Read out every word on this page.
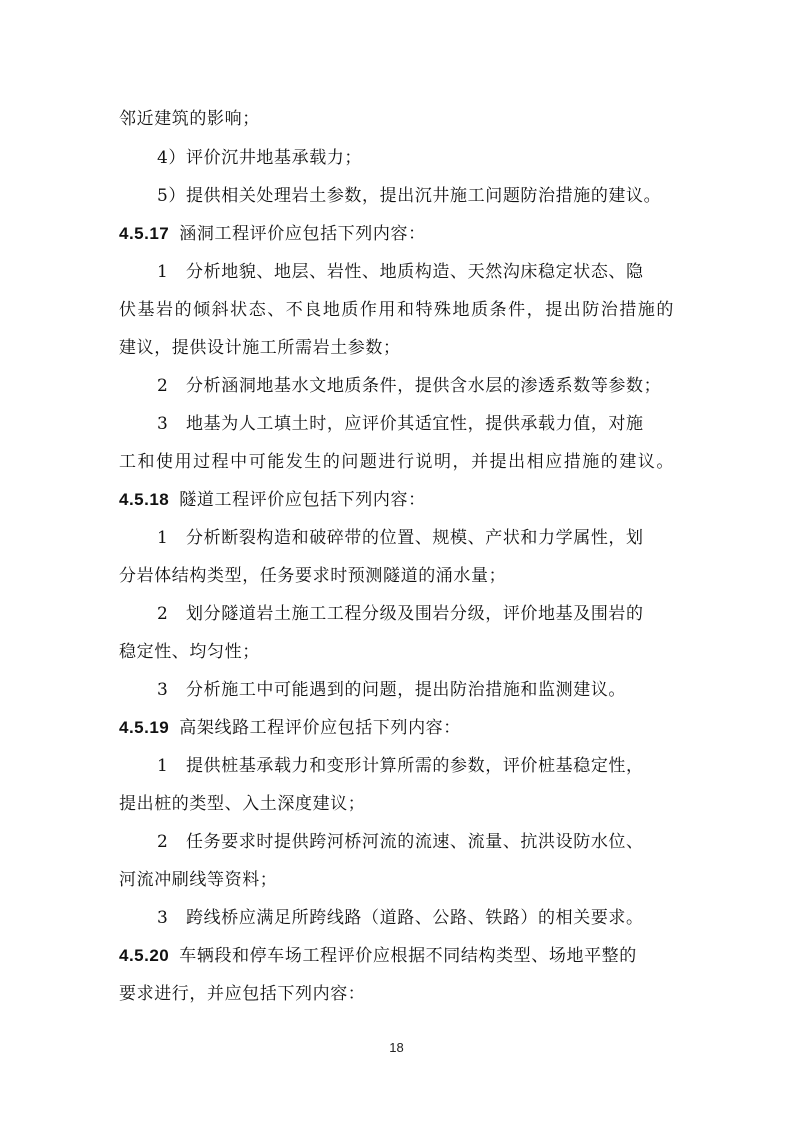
邻近建筑的影响；
4）评价沉井地基承载力；
5）提供相关处理岩土参数，提出沉井施工问题防治措施的建议。
4.5.17 涵洞工程评价应包括下列内容：
1　分析地貌、地层、岩性、地质构造、天然沟床稳定状态、隐
伏基岩的倾斜状态、不良地质作用和特殊地质条件，提出防治措施的
建议，提供设计施工所需岩土参数；
2　分析涵洞地基水文地质条件，提供含水层的渗透系数等参数；
3　地基为人工填土时，应评价其适宜性，提供承载力值，对施
工和使用过程中可能发生的问题进行说明，并提出相应措施的建议。
4.5.18 隧道工程评价应包括下列内容：
1　分析断裂构造和破碎带的位置、规模、产状和力学属性，划
分岩体结构类型，任务要求时预测隧道的涌水量；
2　划分隧道岩土施工工程分级及围岩分级，评价地基及围岩的
稳定性、均匀性；
3　分析施工中可能遇到的问题，提出防治措施和监测建议。
4.5.19 高架线路工程评价应包括下列内容：
1　提供桩基承载力和变形计算所需的参数，评价桩基稳定性，
提出桩的类型、入土深度建议；
2　任务要求时提供跨河桥河流的流速、流量、抗洪设防水位、
河流冲刷线等资料；
3　跨线桥应满足所跨线路（道路、公路、铁路）的相关要求。
4.5.20 车辆段和停车场工程评价应根据不同结构类型、场地平整的
要求进行，并应包括下列内容：
18
